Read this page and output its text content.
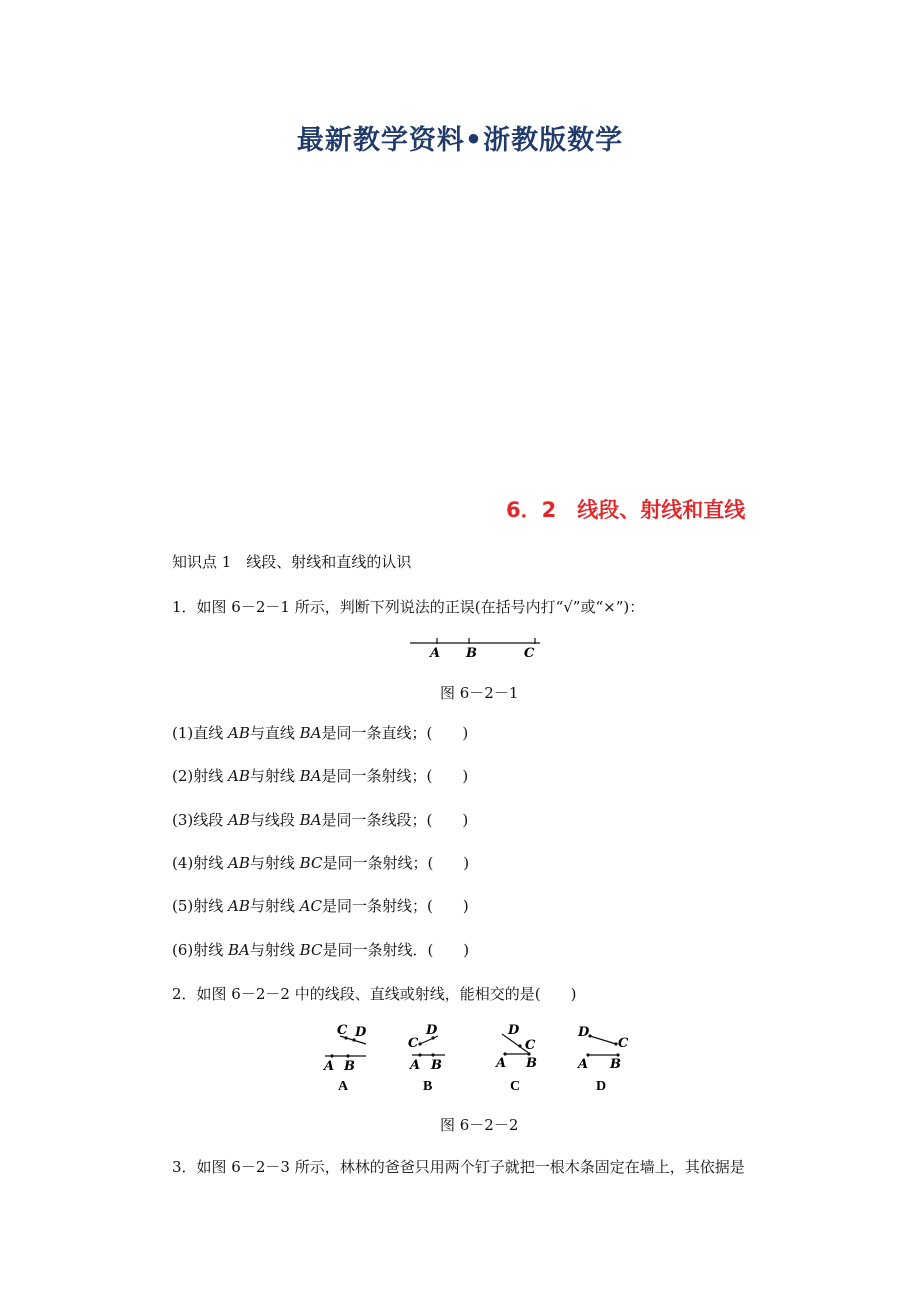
最新教学资料•浙教版数学
6．2　线段、射线和直线
知识点 1　线段、射线和直线的认识
1．如图 6－2－1 所示，判断下列说法的正误(在括号内打“√”或“×”)：
A B	C
图 6－2－1
(1)直线 AB与直线 BA是同一条直线；(　　)
(2)射线 AB与射线 BA是同一条射线；(　　)
(3)线段 AB与线段 BA是同一条线段；(　　)
(4)射线 AB与射线 BC是同一条射线；(　　)
(5)射线 AB与射线 AC是同一条射线；(　　)
(6)射线 BA与射线 BC是同一条射线．(　　)
2．如图 6－2－2 中的线段、直线或射线，能相交的是(　　)
C D
A B
A
D
C
A B
B
D
C
A B
C
D
C
A B
D
图 6－2－2
3．如图 6－2－3 所示，林林的爸爸只用两个钉子就把一根木条固定在墙上，其依据是
